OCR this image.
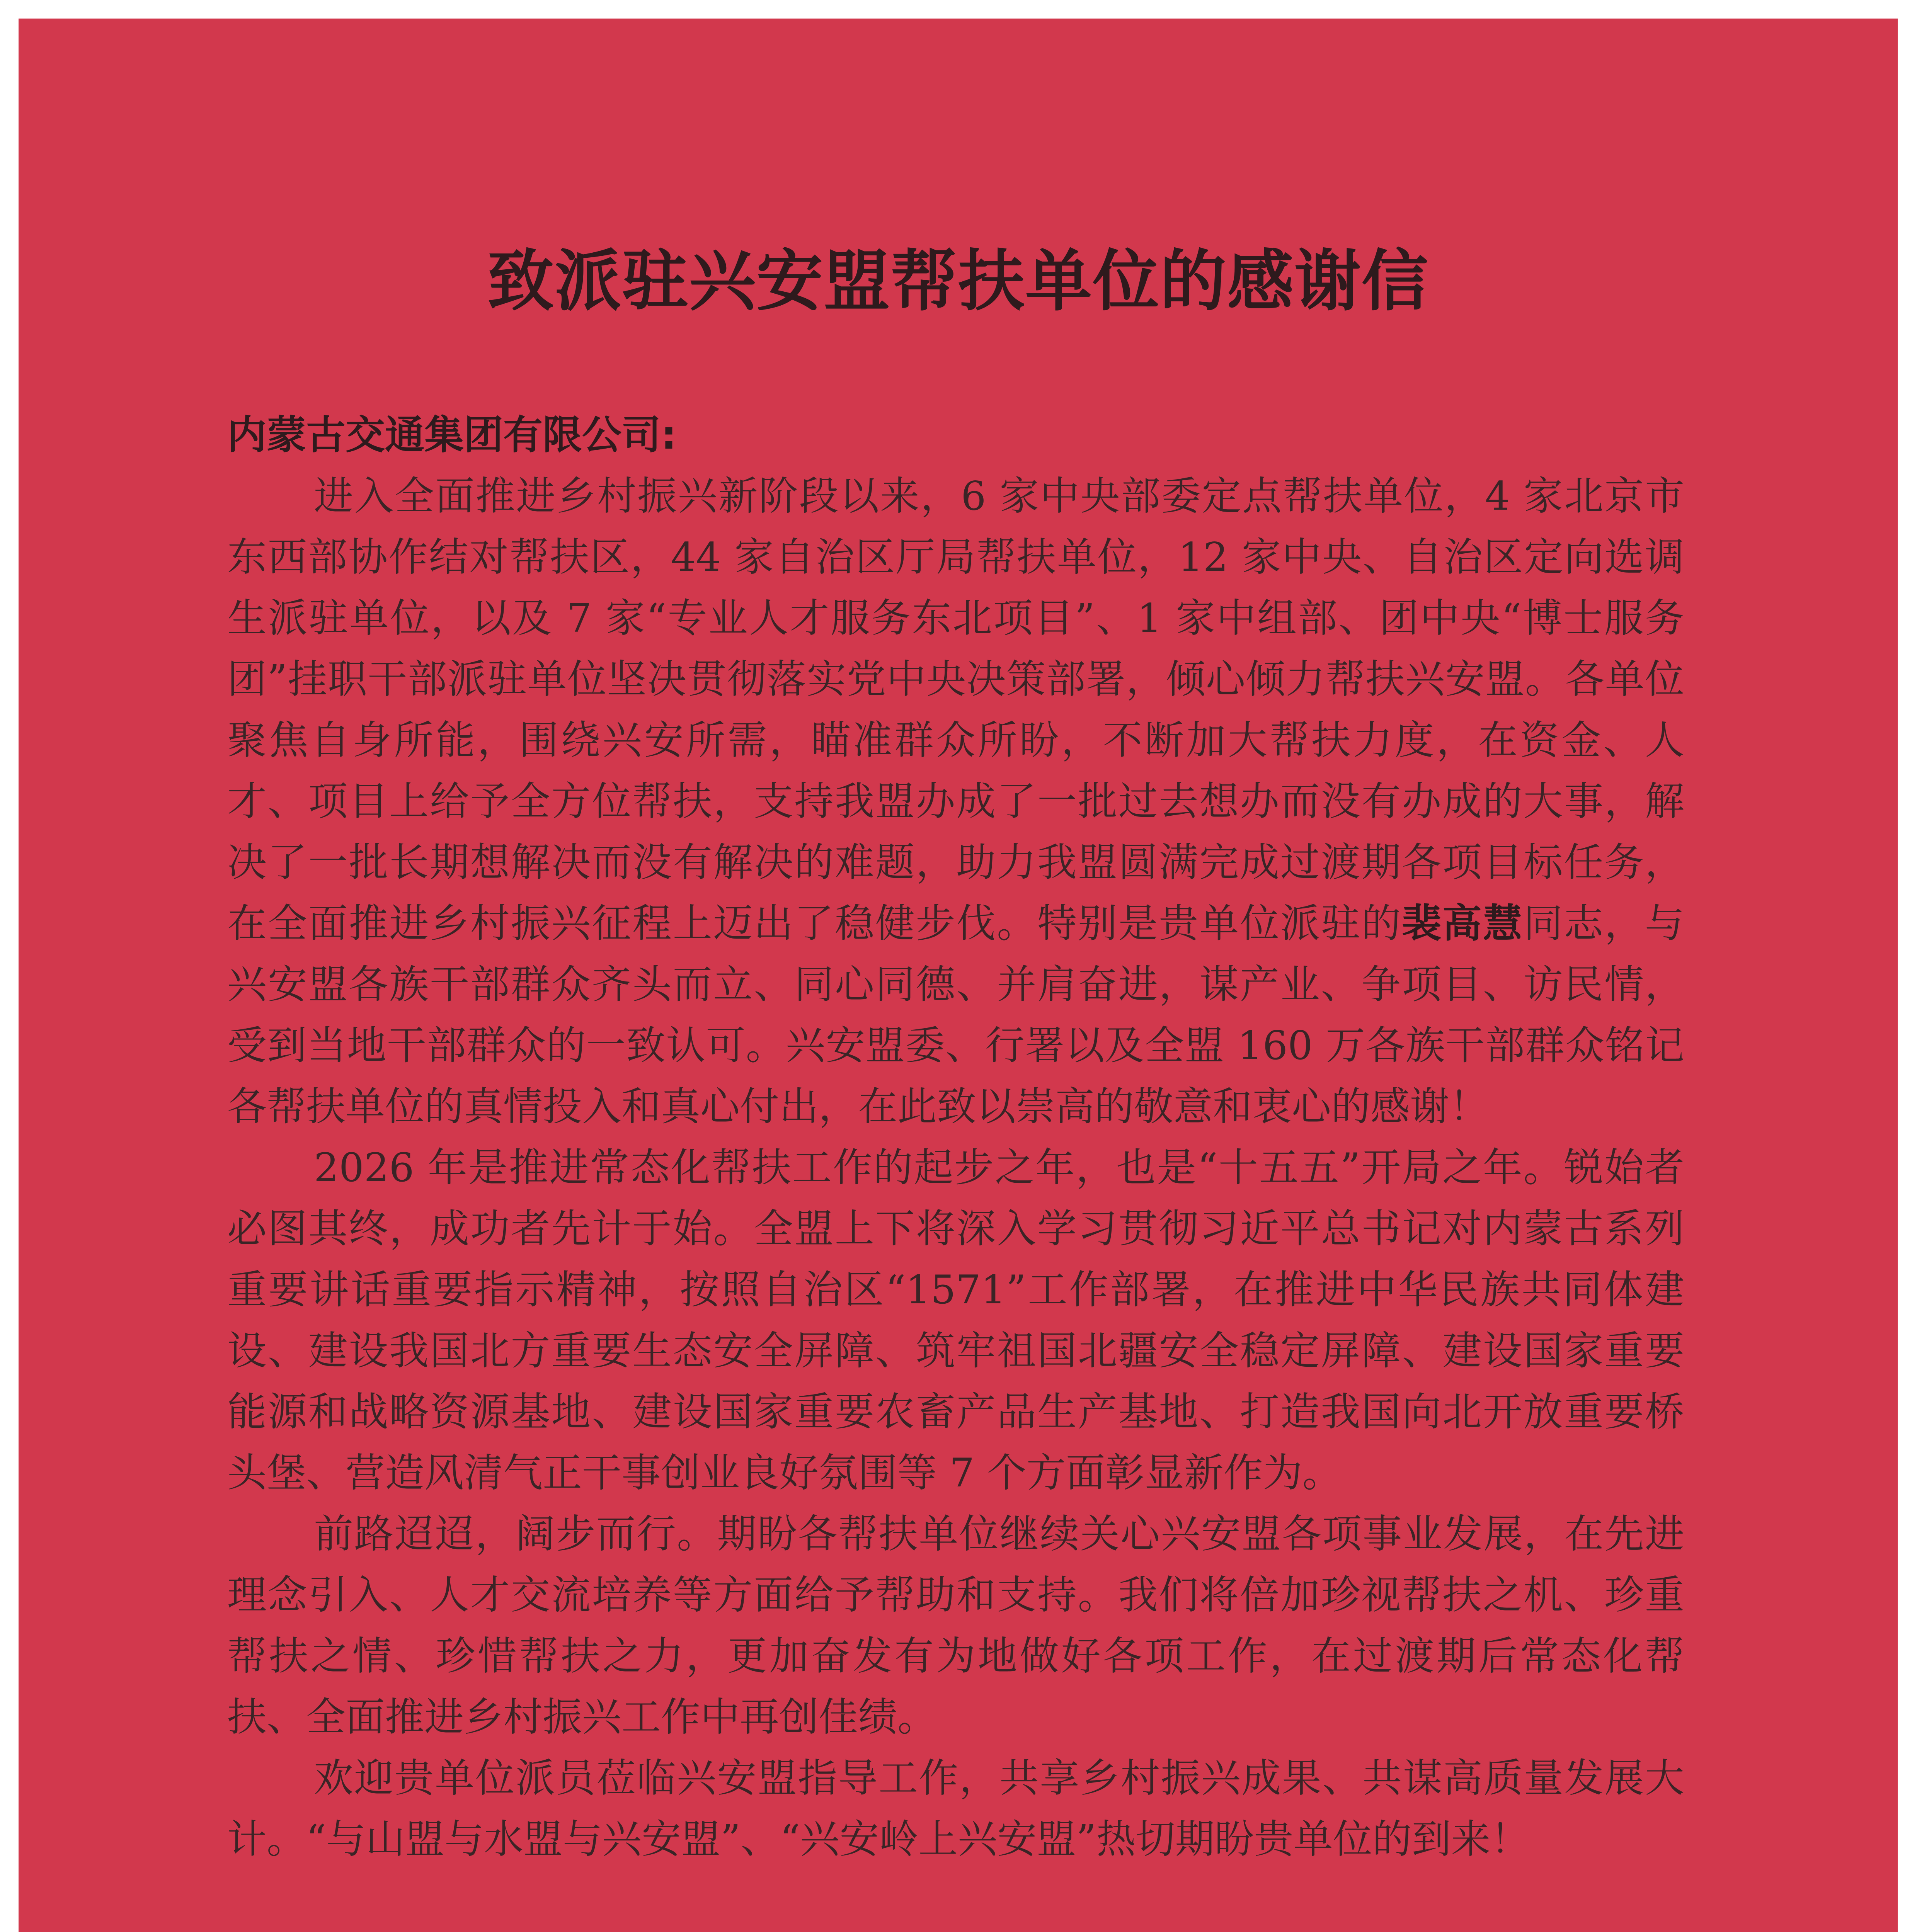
致派驻兴安盟帮扶单位的感谢信

内蒙古交通集团有限公司:

进入全面推进乡村振兴新阶段以来，6 家中央部委定点帮扶单位，4 家北京市东西部协作结对帮扶区，44 家自治区厅局帮扶单位，12 家中央、自治区定向选调生派驻单位，以及 7 家“专业人才服务东北项目”、1 家中组部、团中央“博士服务团”挂职干部派驻单位坚决贯彻落实党中央决策部署，倾心倾力帮扶兴安盟。各单位聚焦自身所能，围绕兴安所需，瞄准群众所盼，不断加大帮扶力度，在资金、人才、项目上给予全方位帮扶，支持我盟办成了一批过去想办而没有办成的大事，解决了一批长期想解决而没有解决的难题，助力我盟圆满完成过渡期各项目标任务，在全面推进乡村振兴征程上迈出了稳健步伐。特别是贵单位派驻的裴高慧同志，与兴安盟各族干部群众齐头而立、同心同德、并肩奋进，谋产业、争项目、访民情，受到当地干部群众的一致认可。兴安盟委、行署以及全盟 160 万各族干部群众铭记各帮扶单位的真情投入和真心付出，在此致以崇高的敬意和衷心的感谢！

2026 年是推进常态化帮扶工作的起步之年，也是“十五五”开局之年。锐始者必图其终，成功者先计于始。全盟上下将深入学习贯彻习近平总书记对内蒙古系列重要讲话重要指示精神，按照自治区“1571”工作部署，在推进中华民族共同体建设、建设我国北方重要生态安全屏障、筑牢祖国北疆安全稳定屏障、建设国家重要能源和战略资源基地、建设国家重要农畜产品生产基地、打造我国向北开放重要桥头堡、营造风清气正干事创业良好氛围等 7 个方面彰显新作为。

前路迢迢，阔步而行。期盼各帮扶单位继续关心兴安盟各项事业发展，在先进理念引入、人才交流培养等方面给予帮助和支持。我们将倍加珍视帮扶之机、珍重帮扶之情、珍惜帮扶之力，更加奋发有为地做好各项工作，在过渡期后常态化帮扶、全面推进乡村振兴工作中再创佳绩。

欢迎贵单位派员莅临兴安盟指导工作，共享乡村振兴成果、共谋高质量发展大计。“与山盟与水盟与兴安盟”、“兴安岭上兴安盟”热切期盼贵单位的到来！
